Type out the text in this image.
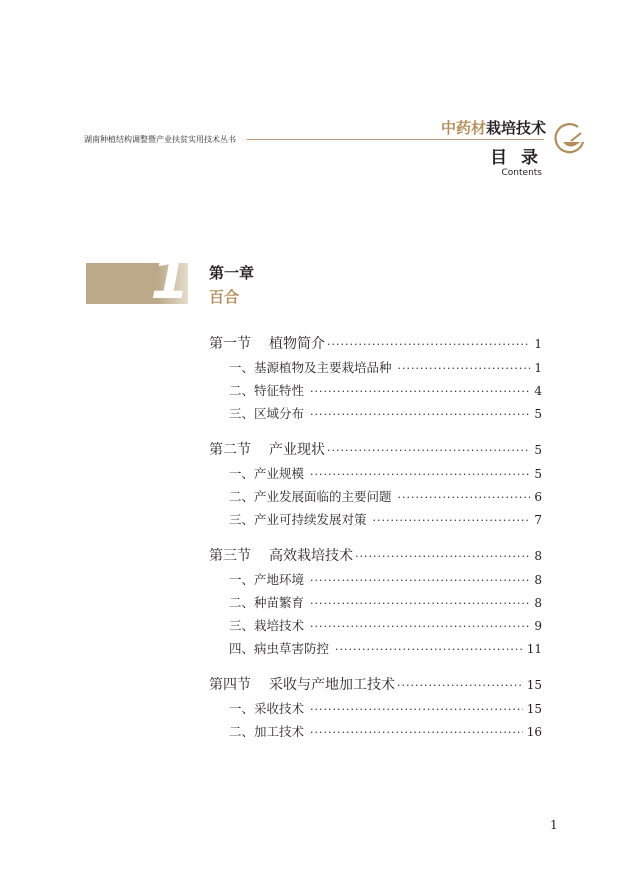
湖南种植结构调整暨产业扶贫实用技术丛书
中药材栽培技术
目 录
Contents
1 第一章
百合
第一节 植物简介 ·····	1
一、基源植物及主要栽培品种 ·····	1
二、特征特性 ·····	4
三、区域分布 ·····	5
第二节 产业现状 ·····	5
一、产业规模 ·····	5
二、产业发展面临的主要问题 ·····	6
三、产业可持续发展对策 ·····	7
第三节 高效栽培技术 ·····	8
一、产地环境 ·····	8
二、种苗繁育 ·····	8
三、栽培技术 ·····	9
四、病虫草害防控 ·····	11
第四节 采收与产地加工技术 ·····	15
一、采收技术 ·····	15
二、加工技术 ·····	16
1
